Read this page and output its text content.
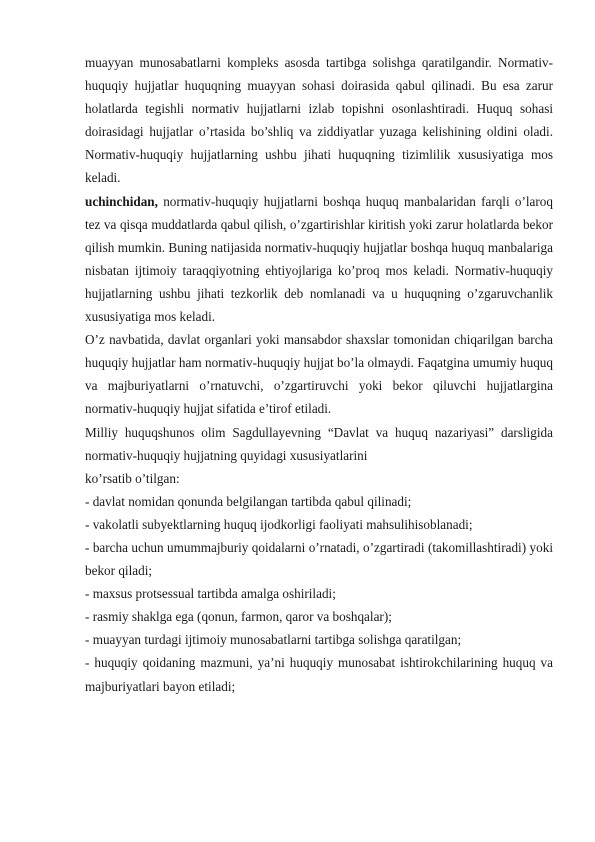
muayyan munosabatlarni kompleks asosda tartibga solishga qaratilgandir. Normativ-huquqiy hujjatlar huquqning muayyan sohasi doirasida qabul qilinadi. Bu esa zarur holatlarda tegishli normativ hujjatlarni izlab topishni osonlashtiradi. Huquq sohasi doirasidagi hujjatlar o’rtasida bo’shliq va ziddiyatlar yuzaga kelishining oldini oladi. Normativ-huquqiy hujjatlarning ushbu jihati huquqning tizimlilik xususiyatiga mos keladi.

uchinchidan, normativ-huquqiy hujjatlarni boshqa huquq manbalaridan farqli o’laroq tez va qisqa muddatlarda qabul qilish, o’zgartirishlar kiritish yoki zarur holatlarda bekor qilish mumkin. Buning natijasida normativ-huquqiy hujjatlar boshqa huquq manbalariga nisbatan ijtimoiy taraqqiyotning ehtiyojlariga ko’proq mos keladi. Normativ-huquqiy hujjatlarning ushbu jihati tezkorlik deb nomlanadi va u huquqning o’zgaruvchanlik xususiyatiga mos keladi.

O’z navbatida, davlat organlari yoki mansabdor shaxslar tomonidan chiqarilgan barcha huquqiy hujjatlar ham normativ-huquqiy hujjat bo’la olmaydi. Faqatgina umumiy huquq va majburiyatlarni o’rnatuvchi, o’zgartiruvchi yoki bekor qiluvchi hujjatlargina normativ-huquqiy hujjat sifatida e’tirof etiladi.

Milliy huquqshunos olim Sagdullayevning “Davlat va huquq nazariyasi” darsligida normativ-huquqiy hujjatning quyidagi xususiyatlarini

ko’rsatib o’tilgan:

- davlat nomidan qonunda belgilangan tartibda qabul qilinadi;

- vakolatli subyektlarning huquq ijodkorligi faoliyati mahsulihisoblanadi;

- barcha uchun umummajburiy qoidalarni o’rnatadi, o’zgartiradi (takomillashtiradi) yoki bekor qiladi;

- maxsus protsessual tartibda amalga oshiriladi;

- rasmiy shaklga ega (qonun, farmon, qaror va boshqalar);

- muayyan turdagi ijtimoiy munosabatlarni tartibga solishga qaratilgan;

- huquqiy qoidaning mazmuni, ya’ni huquqiy munosabat ishtirokchilarining huquq va majburiyatlari bayon etiladi;
